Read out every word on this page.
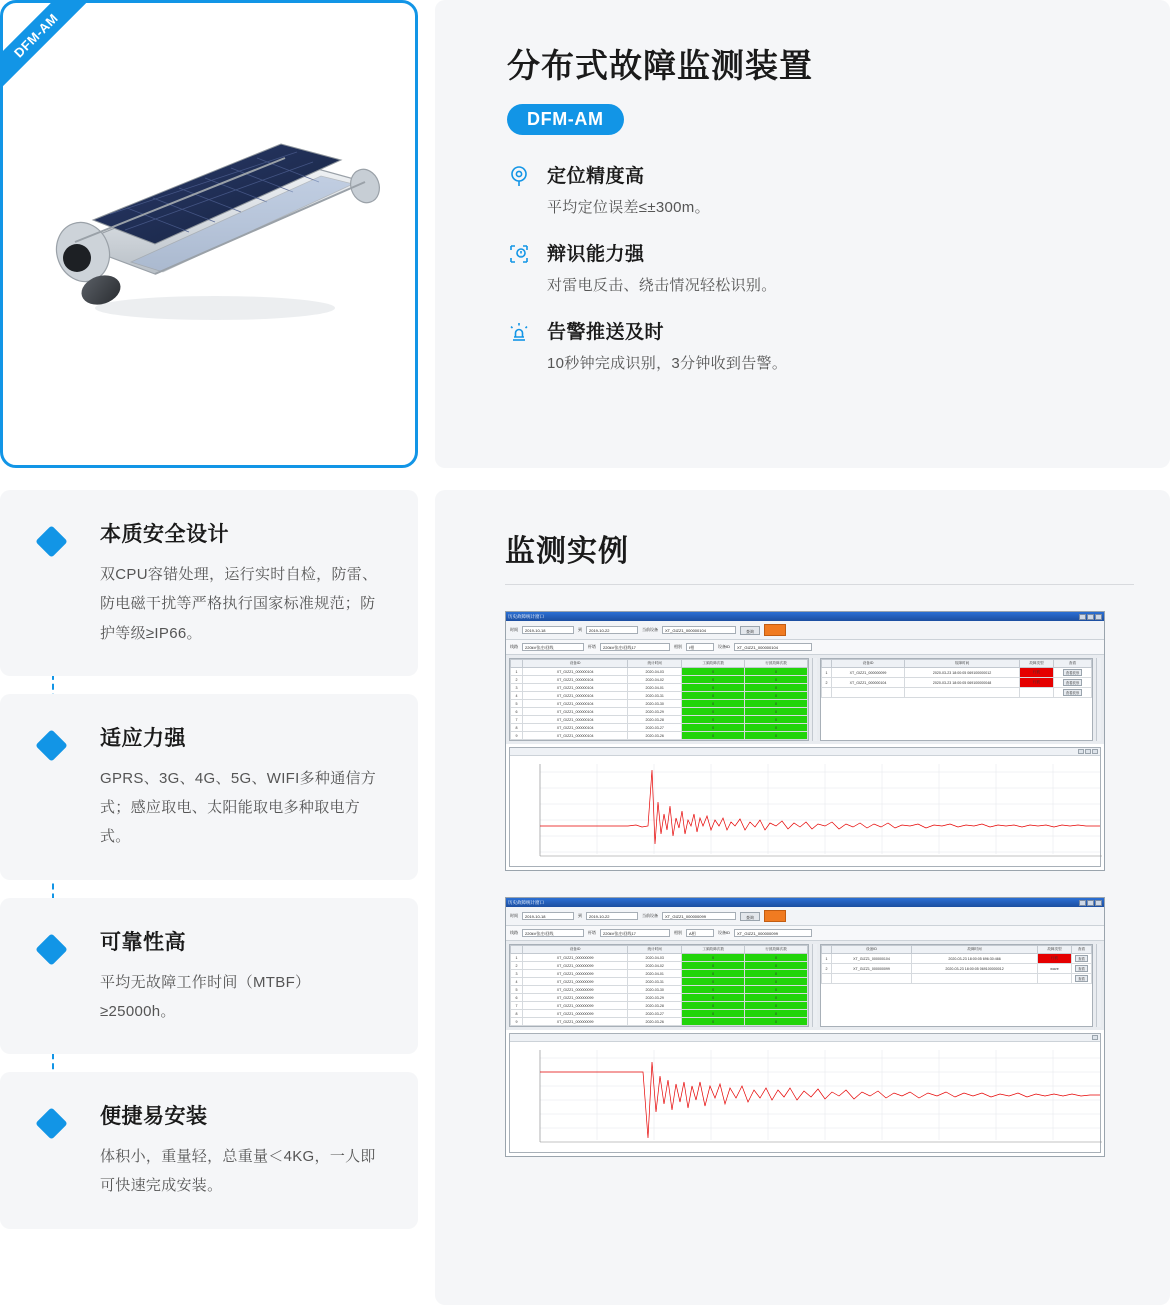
DFM-AM
分布式故障监测装置
DFM-AM
定位精度高

平均定位误差≤±300m。

辩识能力强

对雷电反击、绕击情况轻松识别。

告警推送及时

10秒钟完成识别，3分钟收到告警。

本质安全设计

双CPU容错处理，运行实时自检，防雷、防电磁干扰等严格执行国家标准规范；防护等级≥IP66。

适应力强

GPRS、3G、4G、5G、WIFI多种通信方式；感应取电、太阳能取电多种取电方式。

可靠性高

平均无故障工作时间（MTBF）≥25000h。

便捷易安装

体积小，重量轻，总重量＜4KG，一人即可快速完成安装。

监测实例
历史故障统计窗口
时间	2019-10-18	到	2019-10-22	当前设备	XT_GIZZ1_000000104	查询
线路	220kV张庄I回线	杆塔	220kV张庄I回线17	相别	I相	设备ID	XT_GIZZ1_000000104
	设备ID	统计时间	工频故障次数	行波故障次数
1	XT_GIZZ1_000000104	2020-04-03	0	0
2	XT_GIZZ1_000000104	2020-04-02	0	0
3	XT_GIZZ1_000000104	2020-04-01	0	0
4	XT_GIZZ1_000000104	2020-03-31	0	0
5	XT_GIZZ1_000000104	2020-03-30	0	0
6	XT_GIZZ1_000000104	2020-03-29	0	0
7	XT_GIZZ1_000000104	2020-03-28	0	0
8	XT_GIZZ1_000000104	2020-03-27	0	0
9	XT_GIZZ1_000000104	2020-03-26	0	0
	设备ID	故障时间	故障类型	查看
1	XT_GIZZ1_000000099	2020-03-23 18:00:05 069100000012	行波	查看波形
2	XT_GIZZ1_000000104	2020-03-23 18:00:05 069100000048	行波	查看波形
				查看波形
历史故障统计窗口
时间	2019-10-18	到	2019-10-22	当前设备	XT_GIZZ1_000000099	查询
线路	220kV张庄I回线	杆塔	220kV张庄I回线17	相别	A相	设备ID	XT_GIZZ1_000000099
	设备ID	统计时间	工频故障次数	行波故障次数
1	XT_GIZZ1_000000099	2020-04-03	0	0
2	XT_GIZZ1_000000099	2020-04-02	0	0
3	XT_GIZZ1_000000099	2020-04-01	0	0
4	XT_GIZZ1_000000099	2020-03-31	0	0
5	XT_GIZZ1_000000099	2020-03-30	0	0
6	XT_GIZZ1_000000099	2020-03-29	0	0
7	XT_GIZZ1_000000099	2020-03-28	0	0
8	XT_GIZZ1_000000099	2020-03-27	0	0
9	XT_GIZZ1_000000099	2020-03-26	0	0
	设备ID	故障时间	故障类型	查看
1	XT_GIZZ1_000000104	2020-03-23 18:00:05 696:30:466	行波	查看
2	XT_GIZZ1_000000099	2020-03-23 18:00:05 069100000012	wave	查看
				查看
